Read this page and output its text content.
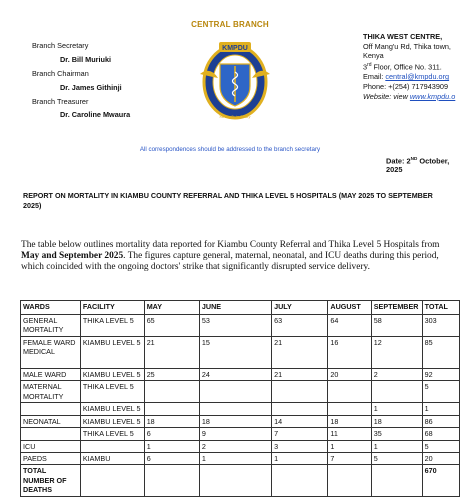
CENTRAL BRANCH
Branch Secretary
Dr. Bill Muriuki
Branch Chairman
Dr. James Githinji
Branch Treasurer
Dr. Caroline Mwaura
KMPDU
Strength in Unity
THIKA WEST CENTRE,
Off Mang'u Rd, Thika town,
Kenya
3rd Floor, Office No. 311.
Email: central@kmpdu.org
Phone: +(254) 717943909
Website: view www.kmpdu.o
All correspondences should be addressed to the branch secretary
Date: 2ND October, 2025
REPORT ON MORTALITY IN KIAMBU COUNTY REFERRAL AND THIKA LEVEL 5 HOSPITALS (MAY 2025 TO SEPTEMBER 2025)
The table below outlines mortality data reported for Kiambu County Referral and Thika Level 5 Hospitals from May and September 2025. The figures capture general, maternal, neonatal, and ICU deaths during this period, which coincided with the ongoing doctors' strike that significantly disrupted service delivery.
WARDS	FACILITY	MAY	JUNE	JULY	AUGUST	SEPTEMBER	TOTAL
GENERAL MORTALITY	THIKA LEVEL 5	65	53	63	64	58	303
FEMALE WARD MEDICAL	KIAMBU LEVEL 5	21	15	21	16	12	85
MALE WARD	KIAMBU LEVEL 5	25	24	21	20	2	92
MATERNAL MORTALITY	THIKA LEVEL 5						5
	KIAMBU LEVEL 5					1	1
NEONATAL	KIAMBU LEVEL 5	18	18	14	18	18	86
	THIKA LEVEL 5	6	9	7	11	35	68
ICU		1	2	3	1	1	5
PAEDS	KIAMBU	6	1	1	7	5	20
TOTAL NUMBER OF DEATHS							670
